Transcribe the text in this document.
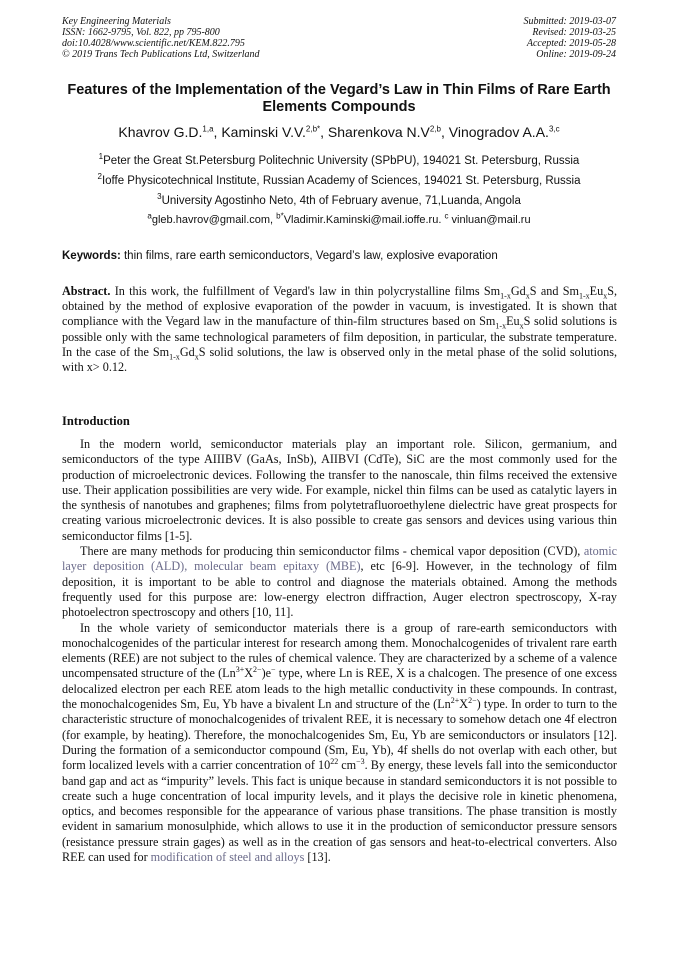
Key Engineering Materials
ISSN: 1662-9795, Vol. 822, pp 795-800
doi:10.4028/www.scientific.net/KEM.822.795
© 2019 Trans Tech Publications Ltd, Switzerland
Submitted: 2019-03-07
Revised: 2019-03-25
Accepted: 2019-05-28
Online: 2019-09-24
Features of the Implementation of the Vegard’s Law in Thin Films of Rare Earth Elements Compounds
Khavrov G.D.$^{1,a}$, Kaminski V.V.$^{2,b*}$, Sharenkova $N.V^{2,b}$, Vinogradov A.A.$^{3,c}$
$^1$Peter the Great St.Petersburg Politechnic University (SPbPU), 194021 St. Petersburg, Russia
$^2$Ioffe Physicotechnical Institute, Russian Academy of Sciences, 194021 St. Petersburg, Russia
$^3$University Agostinho Neto, 4th of February avenue, 71,Luanda, Angola
$^a$gleb.havrov@gmail.com, $^{b*}$Vladimir.Kaminski@mail.ioffe.ru. $^c$ vinluan@mail.ru
Keywords: thin films, rare earth semiconductors, Vegard’s law, explosive evaporation
Abstract. In this work, the fulfillment of Vegard's law in thin polycrystalline films $Sm_{1-x}Gd_xS$ and $Sm_{1-x}Eu_xS$, obtained by the method of explosive evaporation of the powder in vacuum, is investigated. It is shown that compliance with the Vegard law in the manufacture of thin-film structures based on $Sm_{1-x}Eu_xS$ solid solutions is possible only with the same technological parameters of film deposition, in particular, the substrate temperature. In the case of the $Sm_{1-x}Gd_xS$ solid solutions, the law is observed only in the metal phase of the solid solutions, with x> 0.12.
Introduction

In the modern world, semiconductor materials play an important role. Silicon, germanium, and semiconductors of the type AIIIBV (GaAs, InSb), AIIBVI (CdTe), SiC are the most commonly used for the production of microelectronic devices. Following the transfer to the nanoscale, thin films received the extensive use. Their application possibilities are very wide. For example, nickel thin films can be used as catalytic layers in the synthesis of nanotubes and graphenes; films from polytetrafluoroethylene dielectric have great prospects for creating various microelectronic devices. It is also possible to create gas sensors and devices using various thin semiconductor films [1-5].

There are many methods for producing thin semiconductor films - chemical vapor deposition (CVD), atomic layer deposition (ALD), molecular beam epitaxy (MBE), etc [6-9]. However, in the technology of film deposition, it is important to be able to control and diagnose the materials obtained. Among the methods frequently used for this purpose are: low-energy electron diffraction, Auger electron spectroscopy, X-ray photoelectron spectroscopy and others [10, 11].

In the whole variety of semiconductor materials there is a group of rare-earth semiconductors with monochalcogenides of the particular interest for research among them. Monochalcogenides of trivalent rare earth elements (REE) are not subject to the rules of chemical valence. They are characterized by a scheme of a valence uncompensated structure of the $(Ln^{3+}X^{2-})e^-$ type, where Ln is REE, X is a chalcogen. The presence of one excess delocalized electron per each REE atom leads to the high metallic conductivity in these compounds. In contrast, the monochalcogenides Sm, Eu, Yb have a bivalent Ln and structure of the $(Ln^{2+}X^{2-})$ type. In order to turn to the characteristic structure of monochalcogenides of trivalent REE, it is necessary to somehow detach one 4f electron (for example, by heating). Therefore, the monochalcogenides Sm, Eu, Yb are semiconductors or insulators [12]. During the formation of a semiconductor compound (Sm, Eu, Yb), 4f shells do not overlap with each other, but form localized levels with a carrier concentration of $10^{22}$ $cm^{-3}$. By energy, these levels fall into the semiconductor band gap and act as “impurity” levels. This fact is unique because in standard semiconductors it is not possible to create such a huge concentration of local impurity levels, and it plays the decisive role in kinetic phenomena, optics, and becomes responsible for the appearance of various phase transitions. The phase transition is mostly evident in samarium monosulphide, which allows to use it in the production of semiconductor pressure sensors (resistance pressure strain gages) as well as in the creation of gas sensors and heat-to-electrical converters. Also REE can used for modification of steel and alloys [13].
